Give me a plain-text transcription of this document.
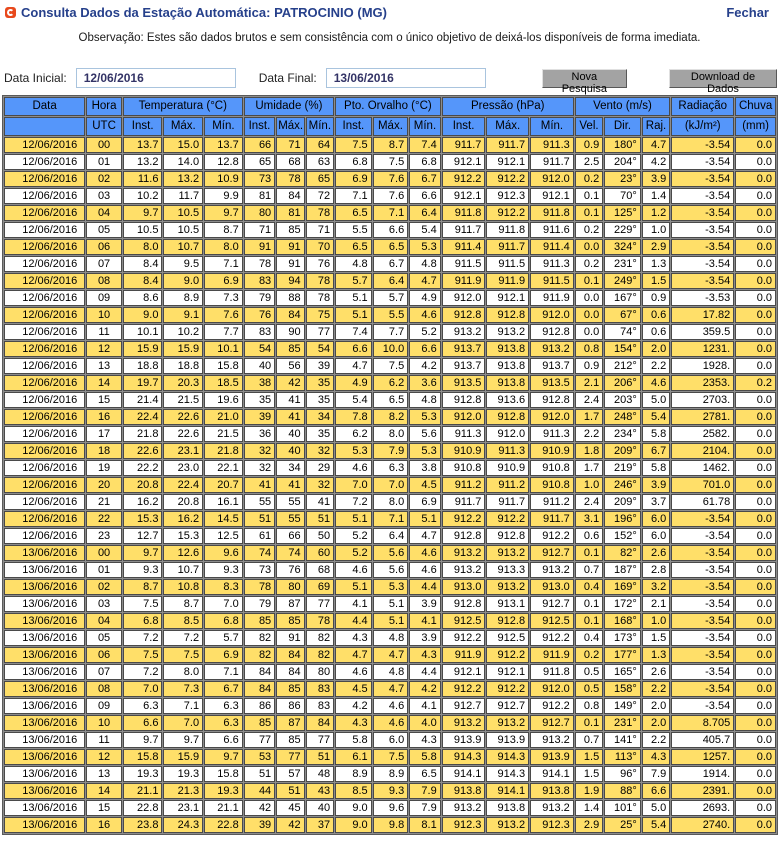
Consulta Dados da Estação Automática: PATROCINIO (MG)	Fechar
Observação: Estes são dados brutos e sem consistência com o único objetivo de deixá-los disponíveis de forma imediata.
Data Inicial:
12/06/2016	Data Final:
13/06/2016	Nova Pesquisa
Download de Dados
Data	Hora	Temperatura (°C)			Umidade (%)			Pto. Orvalho (°C)			Pressão (hPa)			Vento (m/s)			Radiação	Chuva
	UTC	Inst.	Máx.	Mín.	Inst.	Máx.	Mín.	Inst.	Máx.	Mín.	Inst.	Máx.	Mín.	Vel.	Dir.	Raj.	(kJ/m²)	(mm)
12/06/2016	00	13.7	15.0	13.7	66	71	64	7.5	8.7	7.4	911.7	911.7	911.3	0.9	180°	4.7	-3.54	0.0
12/06/2016	01	13.2	14.0	12.8	65	68	63	6.8	7.5	6.8	912.1	912.1	911.7	2.5	204°	4.2	-3.54	0.0
12/06/2016	02	11.6	13.2	10.9	73	78	65	6.9	7.6	6.7	912.2	912.2	912.0	0.2	23°	3.9	-3.54	0.0
12/06/2016	03	10.2	11.7	9.9	81	84	72	7.1	7.6	6.6	912.1	912.3	912.1	0.1	70°	1.4	-3.54	0.0
12/06/2016	04	9.7	10.5	9.7	80	81	78	6.5	7.1	6.4	911.8	912.2	911.8	0.1	125°	1.2	-3.54	0.0
12/06/2016	05	10.5	10.5	8.7	71	85	71	5.5	6.6	5.4	911.7	911.8	911.6	0.2	229°	1.0	-3.54	0.0
12/06/2016	06	8.0	10.7	8.0	91	91	70	6.5	6.5	5.3	911.4	911.7	911.4	0.0	324°	2.9	-3.54	0.0
12/06/2016	07	8.4	9.5	7.1	78	91	76	4.8	6.7	4.8	911.5	911.5	911.3	0.2	231°	1.3	-3.54	0.0
12/06/2016	08	8.4	9.0	6.9	83	94	78	5.7	6.4	4.7	911.9	911.9	911.5	0.1	249°	1.5	-3.54	0.0
12/06/2016	09	8.6	8.9	7.3	79	88	78	5.1	5.7	4.9	912.0	912.1	911.9	0.0	167°	0.9	-3.53	0.0
12/06/2016	10	9.0	9.1	7.6	76	84	75	5.1	5.5	4.6	912.8	912.8	912.0	0.0	67°	0.6	17.82	0.0
12/06/2016	11	10.1	10.2	7.7	83	90	77	7.4	7.7	5.2	913.2	913.2	912.8	0.0	74°	0.6	359.5	0.0
12/06/2016	12	15.9	15.9	10.1	54	85	54	6.6	10.0	6.6	913.7	913.8	913.2	0.8	154°	2.0	1231.	0.0
12/06/2016	13	18.8	18.8	15.8	40	56	39	4.7	7.5	4.2	913.7	913.8	913.7	0.9	212°	2.2	1928.	0.0
12/06/2016	14	19.7	20.3	18.5	38	42	35	4.9	6.2	3.6	913.5	913.8	913.5	2.1	206°	4.6	2353.	0.2
12/06/2016	15	21.4	21.5	19.6	35	41	35	5.4	6.5	4.8	912.8	913.6	912.8	2.4	203°	5.0	2703.	0.0
12/06/2016	16	22.4	22.6	21.0	39	41	34	7.8	8.2	5.3	912.0	912.8	912.0	1.7	248°	5.4	2781.	0.0
12/06/2016	17	21.8	22.6	21.5	36	40	35	6.2	8.0	5.6	911.3	912.0	911.3	2.2	234°	5.8	2582.	0.0
12/06/2016	18	22.6	23.1	21.8	32	40	32	5.3	7.9	5.3	910.9	911.3	910.9	1.8	209°	6.7	2104.	0.0
12/06/2016	19	22.2	23.0	22.1	32	34	29	4.6	6.3	3.8	910.8	910.9	910.8	1.7	219°	5.8	1462.	0.0
12/06/2016	20	20.8	22.4	20.7	41	41	32	7.0	7.0	4.5	911.2	911.2	910.8	1.0	246°	3.9	701.0	0.0
12/06/2016	21	16.2	20.8	16.1	55	55	41	7.2	8.0	6.9	911.7	911.7	911.2	2.4	209°	3.7	61.78	0.0
12/06/2016	22	15.3	16.2	14.5	51	55	51	5.1	7.1	5.1	912.2	912.2	911.7	3.1	196°	6.0	-3.54	0.0
12/06/2016	23	12.7	15.3	12.5	61	66	50	5.2	6.4	4.7	912.8	912.8	912.2	0.6	152°	6.0	-3.54	0.0
13/06/2016	00	9.7	12.6	9.6	74	74	60	5.2	5.6	4.6	913.2	913.2	912.7	0.1	82°	2.6	-3.54	0.0
13/06/2016	01	9.3	10.7	9.3	73	76	68	4.6	5.6	4.6	913.2	913.3	913.2	0.7	187°	2.8	-3.54	0.0
13/06/2016	02	8.7	10.8	8.3	78	80	69	5.1	5.3	4.4	913.0	913.2	913.0	0.4	169°	3.2	-3.54	0.0
13/06/2016	03	7.5	8.7	7.0	79	87	77	4.1	5.1	3.9	912.8	913.1	912.7	0.1	172°	2.1	-3.54	0.0
13/06/2016	04	6.8	8.5	6.8	85	85	78	4.4	5.1	4.1	912.5	912.8	912.5	0.1	168°	1.0	-3.54	0.0
13/06/2016	05	7.2	7.2	5.7	82	91	82	4.3	4.8	3.9	912.2	912.5	912.2	0.4	173°	1.5	-3.54	0.0
13/06/2016	06	7.5	7.5	6.9	82	84	82	4.7	4.7	4.3	911.9	912.2	911.9	0.2	177°	1.3	-3.54	0.0
13/06/2016	07	7.2	8.0	7.1	84	84	80	4.6	4.8	4.4	912.1	912.1	911.8	0.5	165°	2.6	-3.54	0.0
13/06/2016	08	7.0	7.3	6.7	84	85	83	4.5	4.7	4.2	912.2	912.2	912.0	0.5	158°	2.2	-3.54	0.0
13/06/2016	09	6.3	7.1	6.3	86	86	83	4.2	4.6	4.1	912.7	912.7	912.2	0.8	149°	2.0	-3.54	0.0
13/06/2016	10	6.6	7.0	6.3	85	87	84	4.3	4.6	4.0	913.2	913.2	912.7	0.1	231°	2.0	8.705	0.0
13/06/2016	11	9.7	9.7	6.6	77	85	77	5.8	6.0	4.3	913.9	913.9	913.2	0.7	141°	2.2	405.7	0.0
13/06/2016	12	15.8	15.9	9.7	53	77	51	6.1	7.5	5.8	914.3	914.3	913.9	1.5	113°	4.3	1257.	0.0
13/06/2016	13	19.3	19.3	15.8	51	57	48	8.9	8.9	6.5	914.1	914.3	914.1	1.5	96°	7.9	1914.	0.0
13/06/2016	14	21.1	21.3	19.3	44	51	43	8.5	9.3	7.9	913.8	914.1	913.8	1.9	88°	6.6	2391.	0.0
13/06/2016	15	22.8	23.1	21.1	42	45	40	9.0	9.6	7.9	913.2	913.8	913.2	1.4	101°	5.0	2693.	0.0
13/06/2016	16	23.8	24.3	22.8	39	42	37	9.0	9.8	8.1	912.3	913.2	912.3	2.9	25°	5.4	2740.	0.0
